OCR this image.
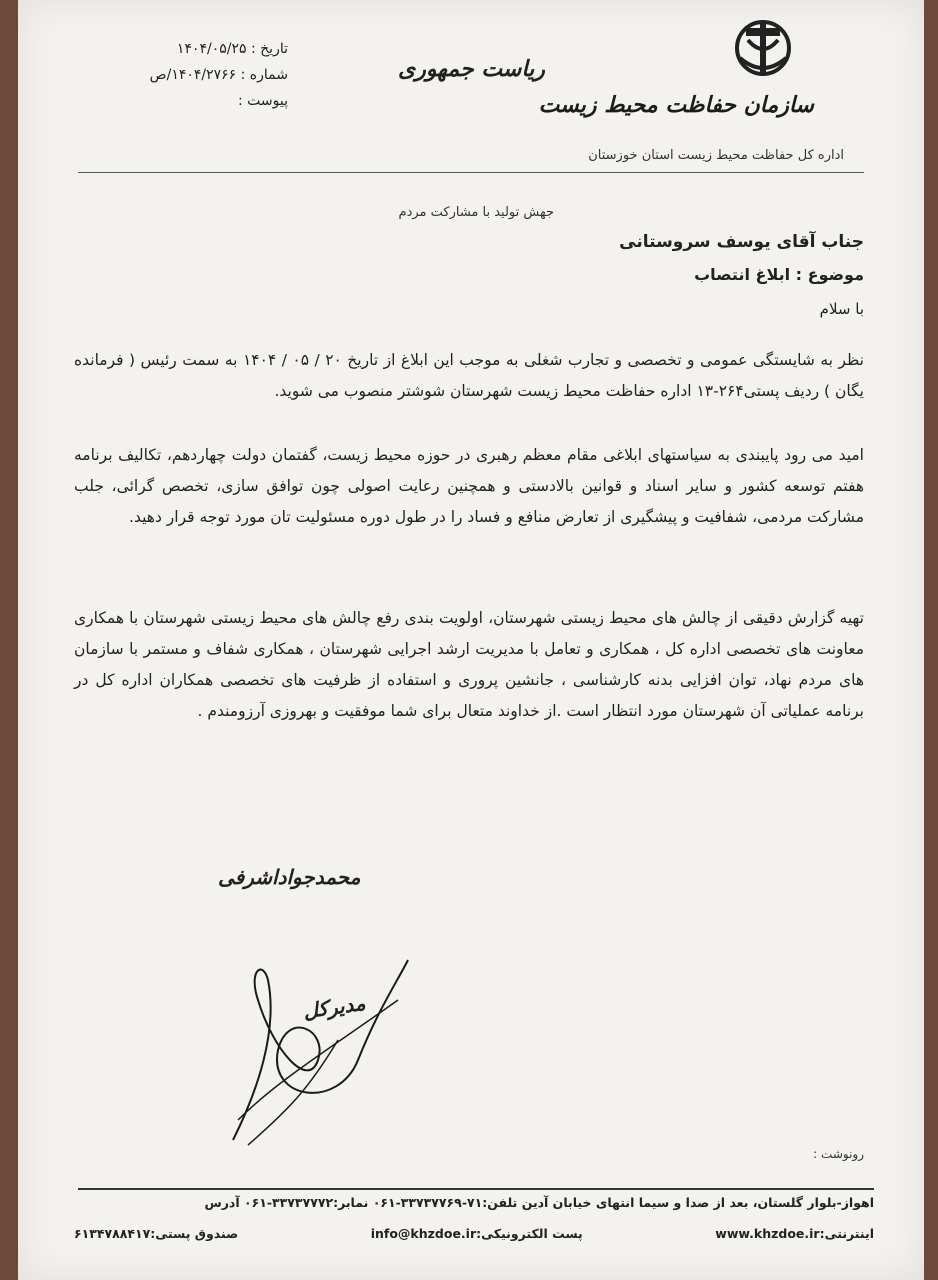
سازمان حفاظت محیط زیست
اداره کل حفاظت محیط زیست استان خوزستان
ریاست جمهوری
تاریخ : ۱۴۰۴/۰۵/۲۵
شماره : ۱۴۰۴/۲۷۶۶/ص
پیوست :
جهش تولید با مشارکت مردم
جناب آقای یوسف سروستانی
موضوع : ابلاغ انتصاب
با سلام
نظر به شایستگی عمومی و تخصصی و تجارب شغلی به موجب این ابلاغ از تاریخ ۲۰ / ۰۵ / ۱۴۰۴ به سمت رئیس ( فرمانده یگان ) ردیف پستی۲۶۴-۱۳ اداره حفاظت محیط زیست شهرستان شوشتر منصوب می شوید.
امید می رود پایبندی به سیاستهای ابلاغی مقام معظم رهبری در حوزه محیط زیست، گفتمان دولت چهاردهم، تکالیف برنامه هفتم توسعه کشور و سایر اسناد و قوانین بالادستی و همچنین رعایت اصولی چون توافق سازی، تخصص گرائی، جلب مشارکت مردمی، شفافیت و پیشگیری از تعارض منافع و فساد را در طول دوره مسئولیت تان مورد توجه قرار دهید.
تهیه گزارش دقیقی از چالش های محیط زیستی شهرستان، اولویت بندی رفع چالش های محیط زیستی شهرستان با همکاری معاونت های تخصصی اداره کل ، همکاری و تعامل با مدیریت ارشد اجرایی شهرستان ، همکاری شفاف و مستمر با سازمان های مردم نهاد، توان افزایی بدنه کارشناسی ، جانشین پروری و استفاده از ظرفیت های تخصصی همکاران اداره کل در برنامه عملیاتی آن شهرستان مورد انتظار است .از خداوند متعال برای شما موفقیت و بهروزی آرزومندم .
محمدجواداشرفی
مدیرکل
رونوشت :
اهواز-بلوار گلستان، بعد از صدا و سیما انتهای خیابان آدین تلفن:۷۱-۳۳۷۳۷۷۶۹-۰۶۱ نمابر:۳۳۷۳۷۷۷۲-۰۶۱ آدرس
اینترنتی:www.khzdoe.ir
پست الکترونیکی:info@khzdoe.ir
صندوق پستی:۶۱۳۴۷۸۸۴۱۷
